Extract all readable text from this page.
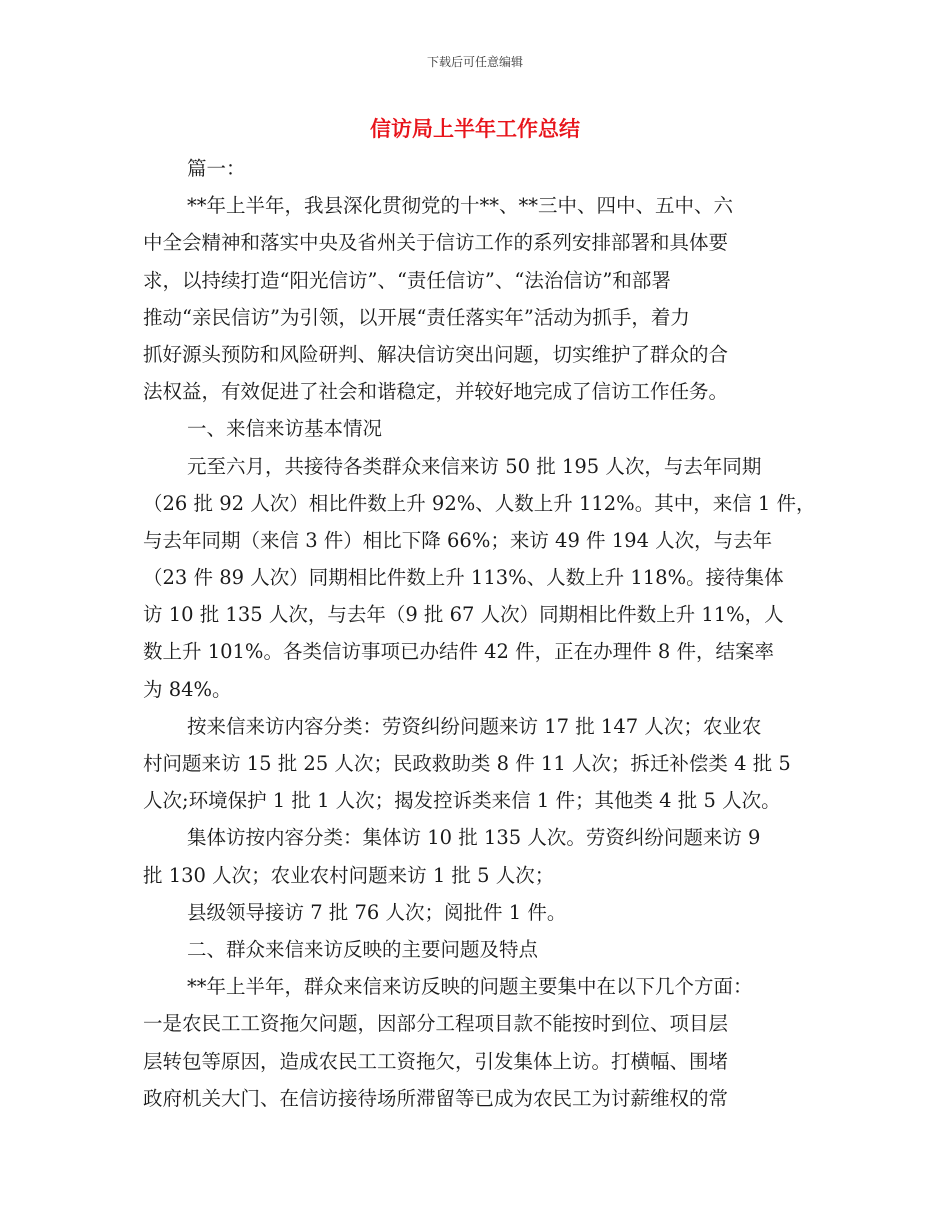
下载后可任意编辑
信访局上半年工作总结
篇一：
**年上半年，我县深化贯彻党的十**、**三中、四中、五中、六
中全会精神和落实中央及省州关于信访工作的系列安排部署和具体要
求，以持续打造“阳光信访”、“责任信访”、“法治信访”和部署
推动“亲民信访”为引领，以开展“责任落实年”活动为抓手，着力
抓好源头预防和风险研判、解决信访突出问题，切实维护了群众的合
法权益，有效促进了社会和谐稳定，并较好地完成了信访工作任务。
一、来信来访基本情况
元至六月，共接待各类群众来信来访 50 批 195 人次，与去年同期
（26 批 92 人次）相比件数上升 92%、人数上升 112%。其中，来信 1 件，
与去年同期（来信 3 件）相比下降 66%；来访 49 件 194 人次，与去年
（23 件 89 人次）同期相比件数上升 113%、人数上升 118%。接待集体
访 10 批 135 人次，与去年（9 批 67 人次）同期相比件数上升 11%，人
数上升 101%。各类信访事项已办结件 42 件，正在办理件 8 件，结案率
为 84%。
按来信来访内容分类：劳资纠纷问题来访 17 批 147 人次；农业农
村问题来访 15 批 25 人次；民政救助类 8 件 11 人次；拆迁补偿类 4 批 5
人次;环境保护 1 批 1 人次；揭发控诉类来信 1 件；其他类 4 批 5 人次。
集体访按内容分类：集体访 10 批 135 人次。劳资纠纷问题来访 9
批 130 人次；农业农村问题来访 1 批 5 人次；
县级领导接访 7 批 76 人次；阅批件 1 件。
二、群众来信来访反映的主要问题及特点
**年上半年，群众来信来访反映的问题主要集中在以下几个方面：
一是农民工工资拖欠问题，因部分工程项目款不能按时到位、项目层
层转包等原因，造成农民工工资拖欠，引发集体上访。打横幅、围堵
政府机关大门、在信访接待场所滞留等已成为农民工为讨薪维权的常
